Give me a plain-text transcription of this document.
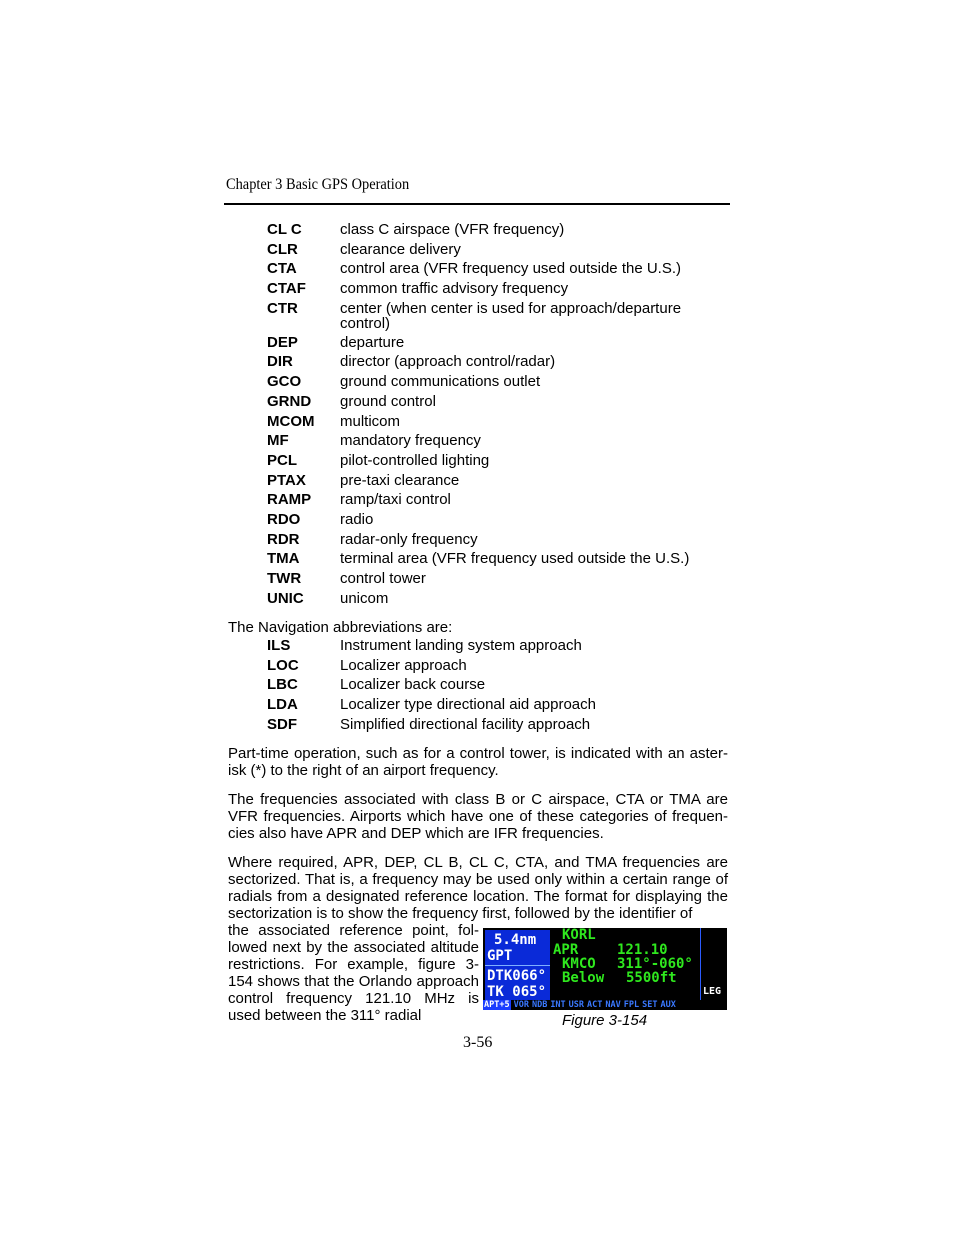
Chapter 3 Basic GPS Operation
CL C	class C airspace (VFR frequency)
CLR	clearance delivery
CTA	control area (VFR frequency used outside the U.S.)
CTAF	common traffic advisory frequency
CTR	center (when center is used for approach/departure control)
DEP	departure
DIR	director (approach control/radar)
GCO	ground communications outlet
GRND	ground control
MCOM	multicom
MF	mandatory frequency
PCL	pilot-controlled lighting
PTAX	pre-taxi clearance
RAMP	ramp/taxi control
RDO	radio
RDR	radar-only frequency
TMA	terminal area (VFR frequency used outside the U.S.)
TWR	control tower
UNIC	unicom
The Navigation abbreviations are:
ILS	Instrument landing system approach
LOC	Localizer approach
LBC	Localizer back course
LDA	Localizer type directional aid approach
SDF	Simplified directional facility approach

Part-time operation, such as for a control tower, is indicated with an aster-isk (*) to the right of an airport frequency.

The frequencies associated with class B or C airspace, CTA or TMA are VFR frequencies. Airports which have one of these categories of frequen-cies also have APR and DEP which are IFR frequencies.

Where required, APR, DEP, CL B, CL C, CTA, and TMA frequencies are sectorized. That is, a frequency may be used only within a certain range of radials from a designated reference location. The format for displaying the sectorization is to show the frequency first, followed by the identifier of

the associated reference point, fol-lowed next by the associated altitude restrictions. For example, figure 3-154 shows that the Orlando approach control frequency 121.10 MHz is used between the 311° radial

5.4nm
GPT
DTK066°
TK 065°
KORL
APR	121.10
KMCO 311°-060°
Below 5500ft
LEG
APT+5 VOR NDB INT USR ACT NAV FPL SET AUX
Figure 3-154
3-56
